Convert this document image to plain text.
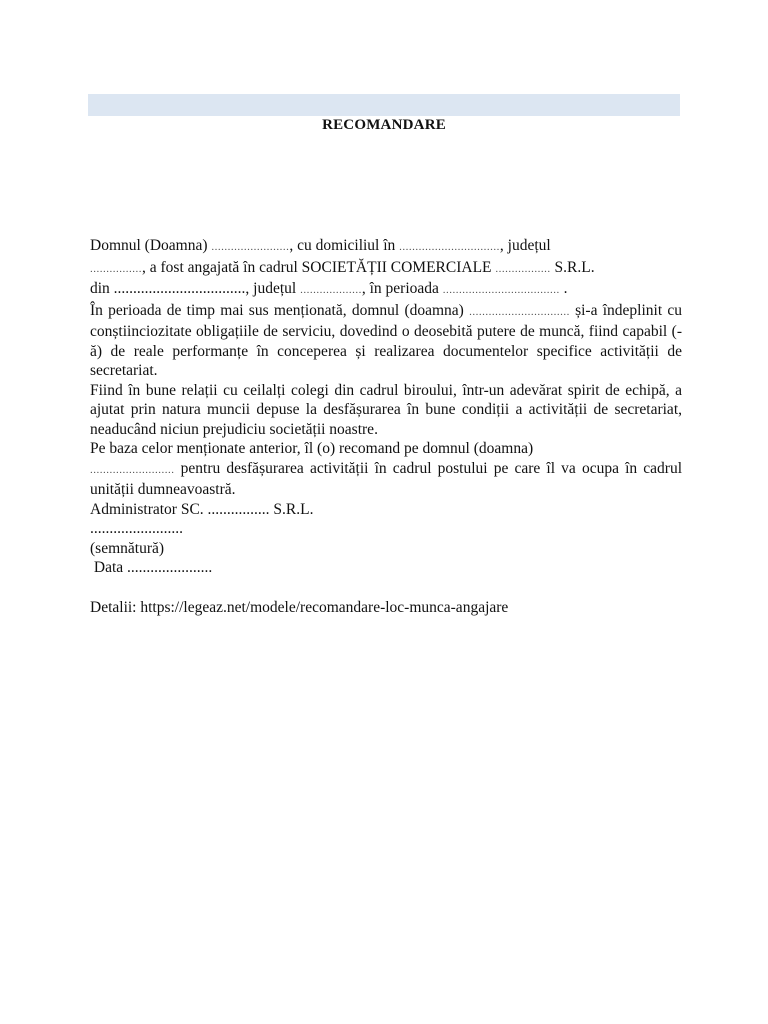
RECOMANDARE

Domnul (Doamna) ........................, cu domiciliul în ..............................., județul
................, a fost angajată în cadrul SOCIETĂȚII COMERCIALE ................. S.R.L.
din .................................., județul ..................., în perioada .................................... .

În perioada de timp mai sus menționată, domnul (doamna) ............................... și-a îndeplinit cu conștiinciozitate obligațiile de serviciu, dovedind o deosebită putere de muncă, fiind capabil (-ă) de reale performanțe în conceperea și realizarea documentelor specifice activității de secretariat.

Fiind în bune relații cu ceilalți colegi din cadrul biroului, într-un adevărat spirit de echipă, a ajutat prin natura muncii depuse la desfășurarea în bune condiții a activității de secretariat, neaducând niciun prejudiciu societății noastre.

Pe baza celor menționate anterior, îl (o) recomand pe domnul (doamna)
.......................... pentru desfășurarea activității în cadrul postului pe care îl va ocupa în cadrul unității dumneavoastră.

Administrator SC. ................ S.R.L.

........................

(semnătură)

Data ......................

Detalii: https://legeaz.net/modele/recomandare-loc-munca-angajare
